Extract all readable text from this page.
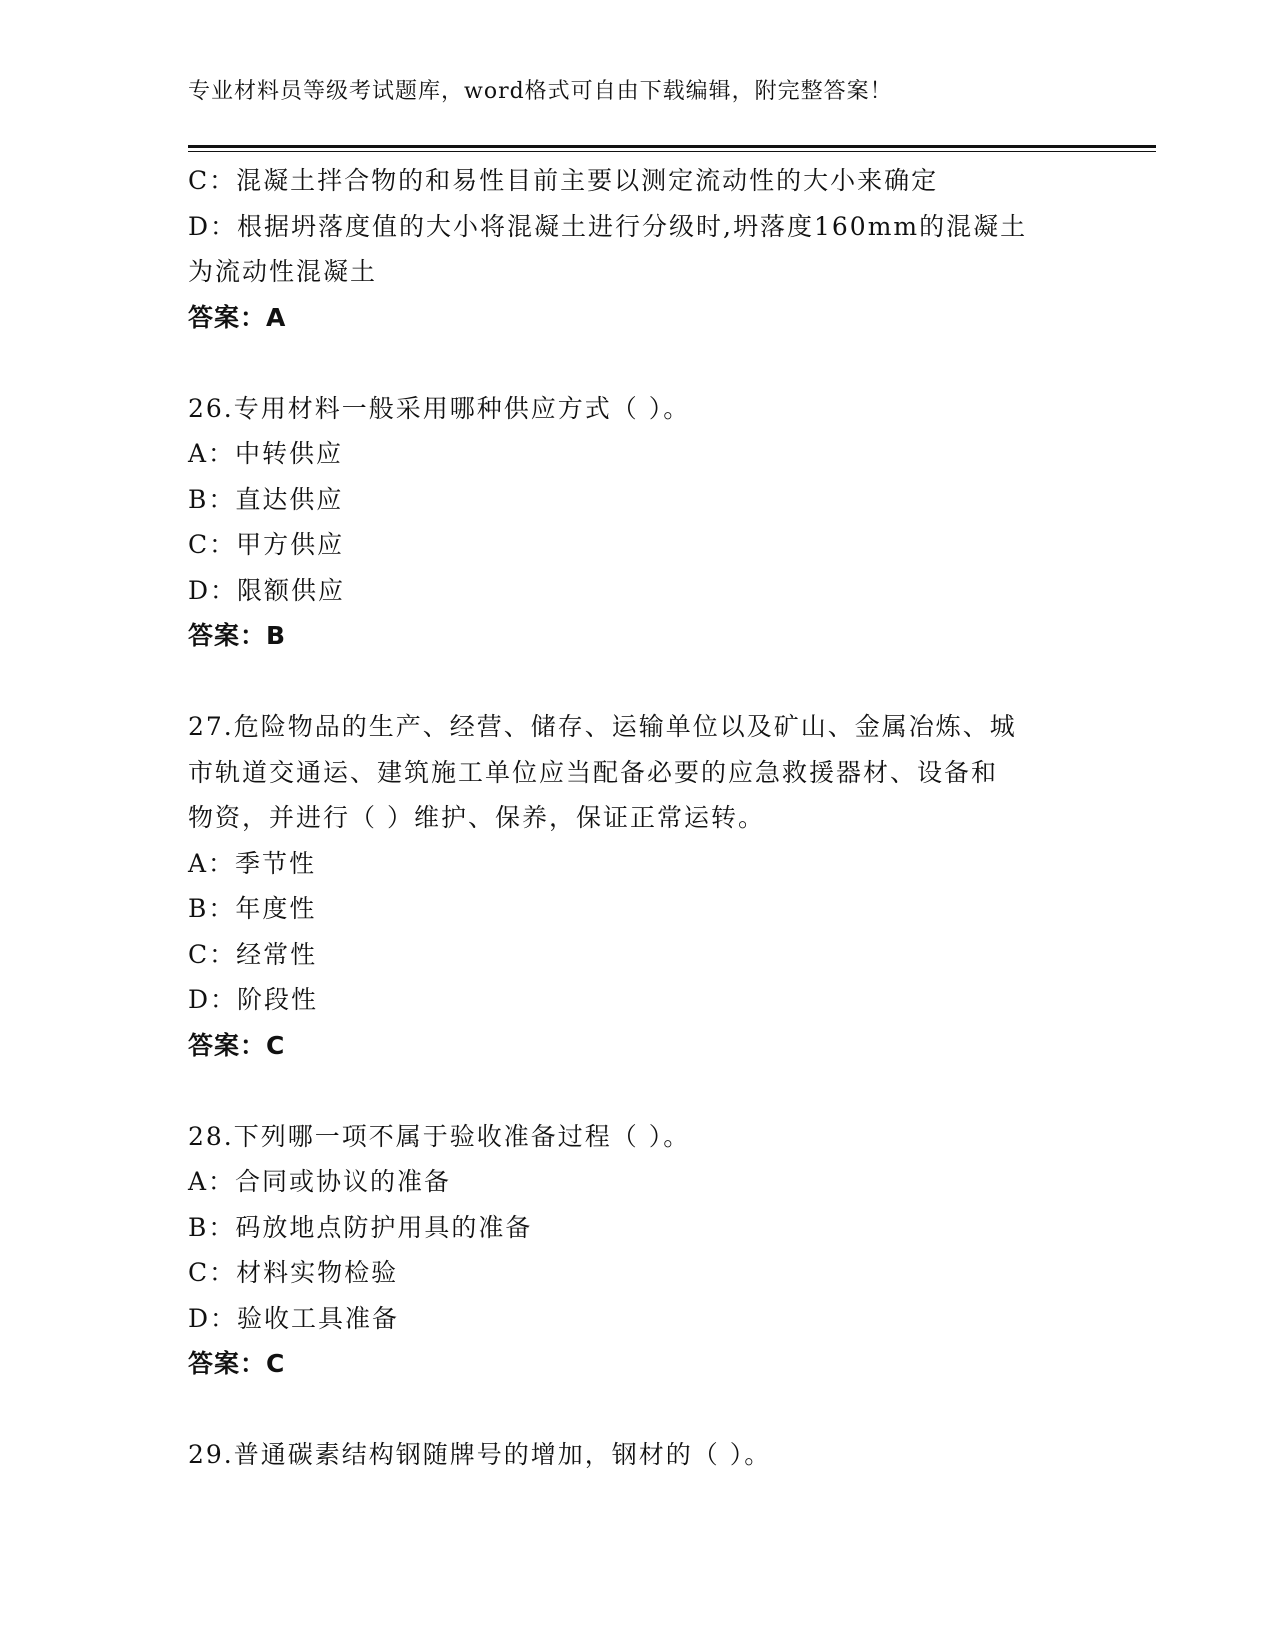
专业材料员等级考试题库，word格式可自由下载编辑，附完整答案！
C：混凝土拌合物的和易性目前主要以测定流动性的大小来确定
D：根据坍落度值的大小将混凝土进行分级时,坍落度160mm的混凝土
为流动性混凝土
答案：A
26.专用材料一般采用哪种供应方式（ ）。
A：中转供应
B：直达供应
C：甲方供应
D：限额供应
答案：B
27.危险物品的生产、经营、储存、运输单位以及矿山、金属冶炼、城
市轨道交通运、建筑施工单位应当配备必要的应急救援器材、设备和
物资，并进行（ ）维护、保养，保证正常运转。
A：季节性
B：年度性
C：经常性
D：阶段性
答案：C
28.下列哪一项不属于验收准备过程（ ）。
A：合同或协议的准备
B：码放地点防护用具的准备
C：材料实物检验
D：验收工具准备
答案：C
29.普通碳素结构钢随牌号的增加，钢材的（ ）。
